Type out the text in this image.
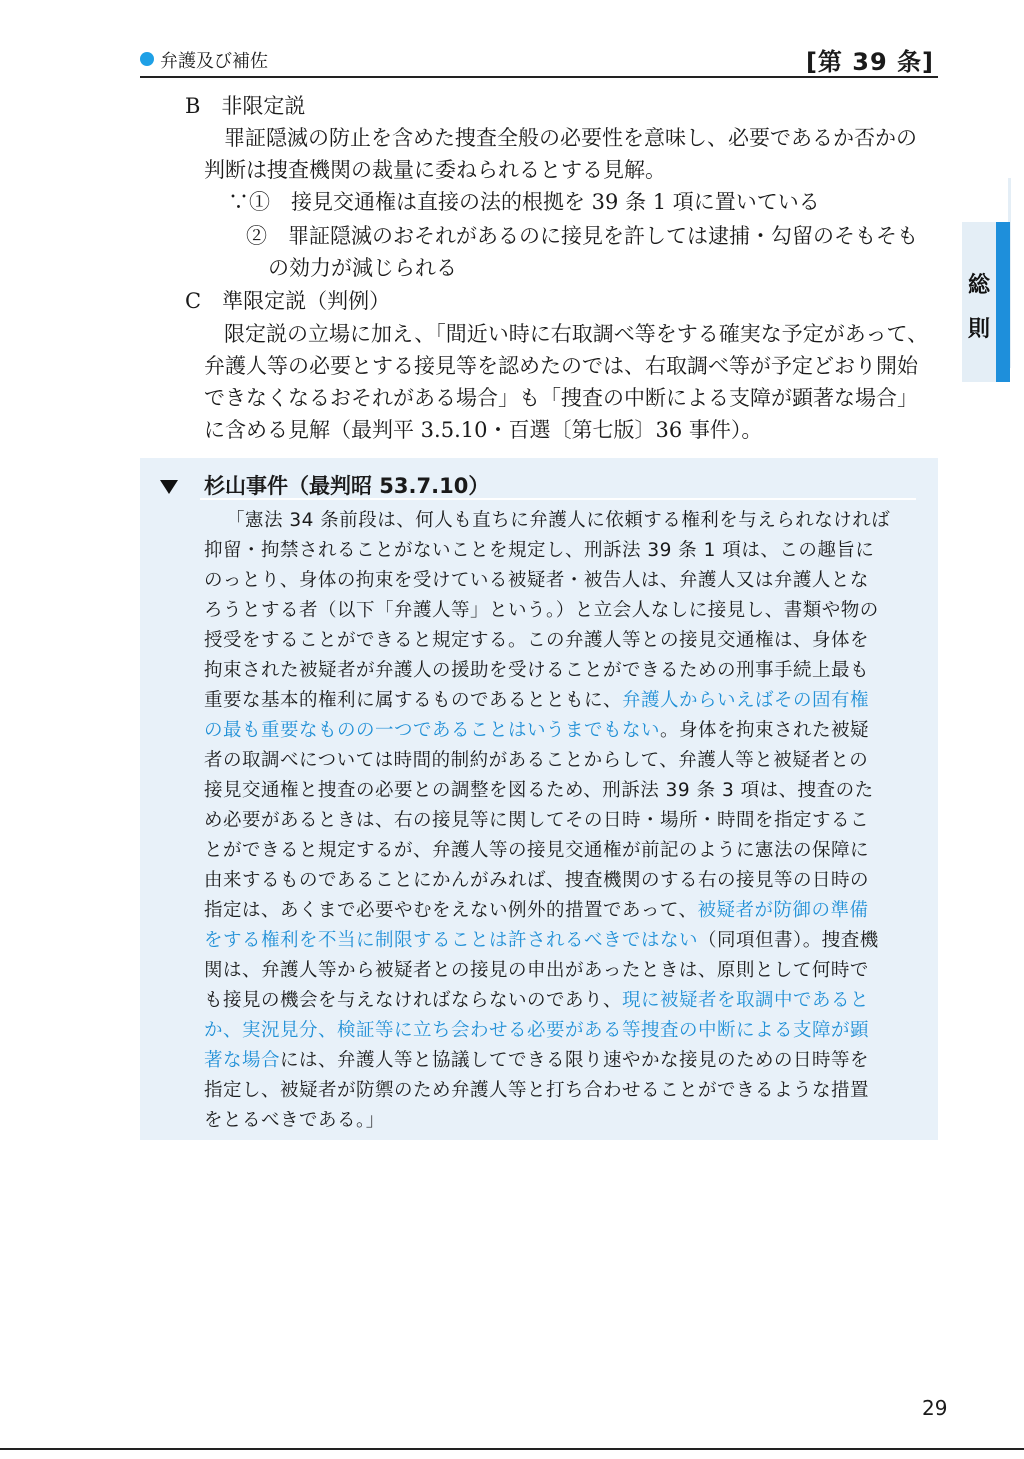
弁護及び補佐	[第 39 条]
総
則
B　非限定説
罪証隠滅の防止を含めた捜査全般の必要性を意味し、必要であるか否かの
判断は捜査機関の裁量に委ねられるとする見解。
∵①　接見交通権は直接の法的根拠を 39 条 1 項に置いている
②　罪証隠滅のおそれがあるのに接見を許しては逮捕・勾留のそもそも
の効力が減じられる
C　準限定説（判例）
限定説の立場に加え、「間近い時に右取調べ等をする確実な予定があって、
弁護人等の必要とする接見等を認めたのでは、右取調べ等が予定どおり開始
できなくなるおそれがある場合」も「捜査の中断による支障が顕著な場合」
に含める見解（最判平 3.5.10・百選〔第七版〕36 事件）。
杉山事件（最判昭 53.7.10）
「憲法 34 条前段は、何人も直ちに弁護人に依頼する権利を与えられなければ
抑留・拘禁されることがないことを規定し、刑訴法 39 条 1 項は、この趣旨に
のっとり、身体の拘束を受けている被疑者・被告人は、弁護人又は弁護人とな
ろうとする者（以下「弁護人等」という。）と立会人なしに接見し、書類や物の
授受をすることができると規定する。この弁護人等との接見交通権は、身体を
拘束された被疑者が弁護人の援助を受けることができるための刑事手続上最も
重要な基本的権利に属するものであるとともに、弁護人からいえばその固有権
の最も重要なものの一つであることはいうまでもない。身体を拘束された被疑
者の取調べについては時間的制約があることからして、弁護人等と被疑者との
接見交通権と捜査の必要との調整を図るため、刑訴法 39 条 3 項は、捜査のた
め必要があるときは、右の接見等に関してその日時・場所・時間を指定するこ
とができると規定するが、弁護人等の接見交通権が前記のように憲法の保障に
由来するものであることにかんがみれば、捜査機関のする右の接見等の日時の
指定は、あくまで必要やむをえない例外的措置であって、被疑者が防御の準備
をする権利を不当に制限することは許されるべきではない（同項但書）。捜査機
関は、弁護人等から被疑者との接見の申出があったときは、原則として何時で
も接見の機会を与えなければならないのであり、現に被疑者を取調中であると
か、実況見分、検証等に立ち会わせる必要がある等捜査の中断による支障が顕
著な場合には、弁護人等と協議してできる限り速やかな接見のための日時等を
指定し、被疑者が防禦のため弁護人等と打ち合わせることができるような措置
をとるべきである。」
29
